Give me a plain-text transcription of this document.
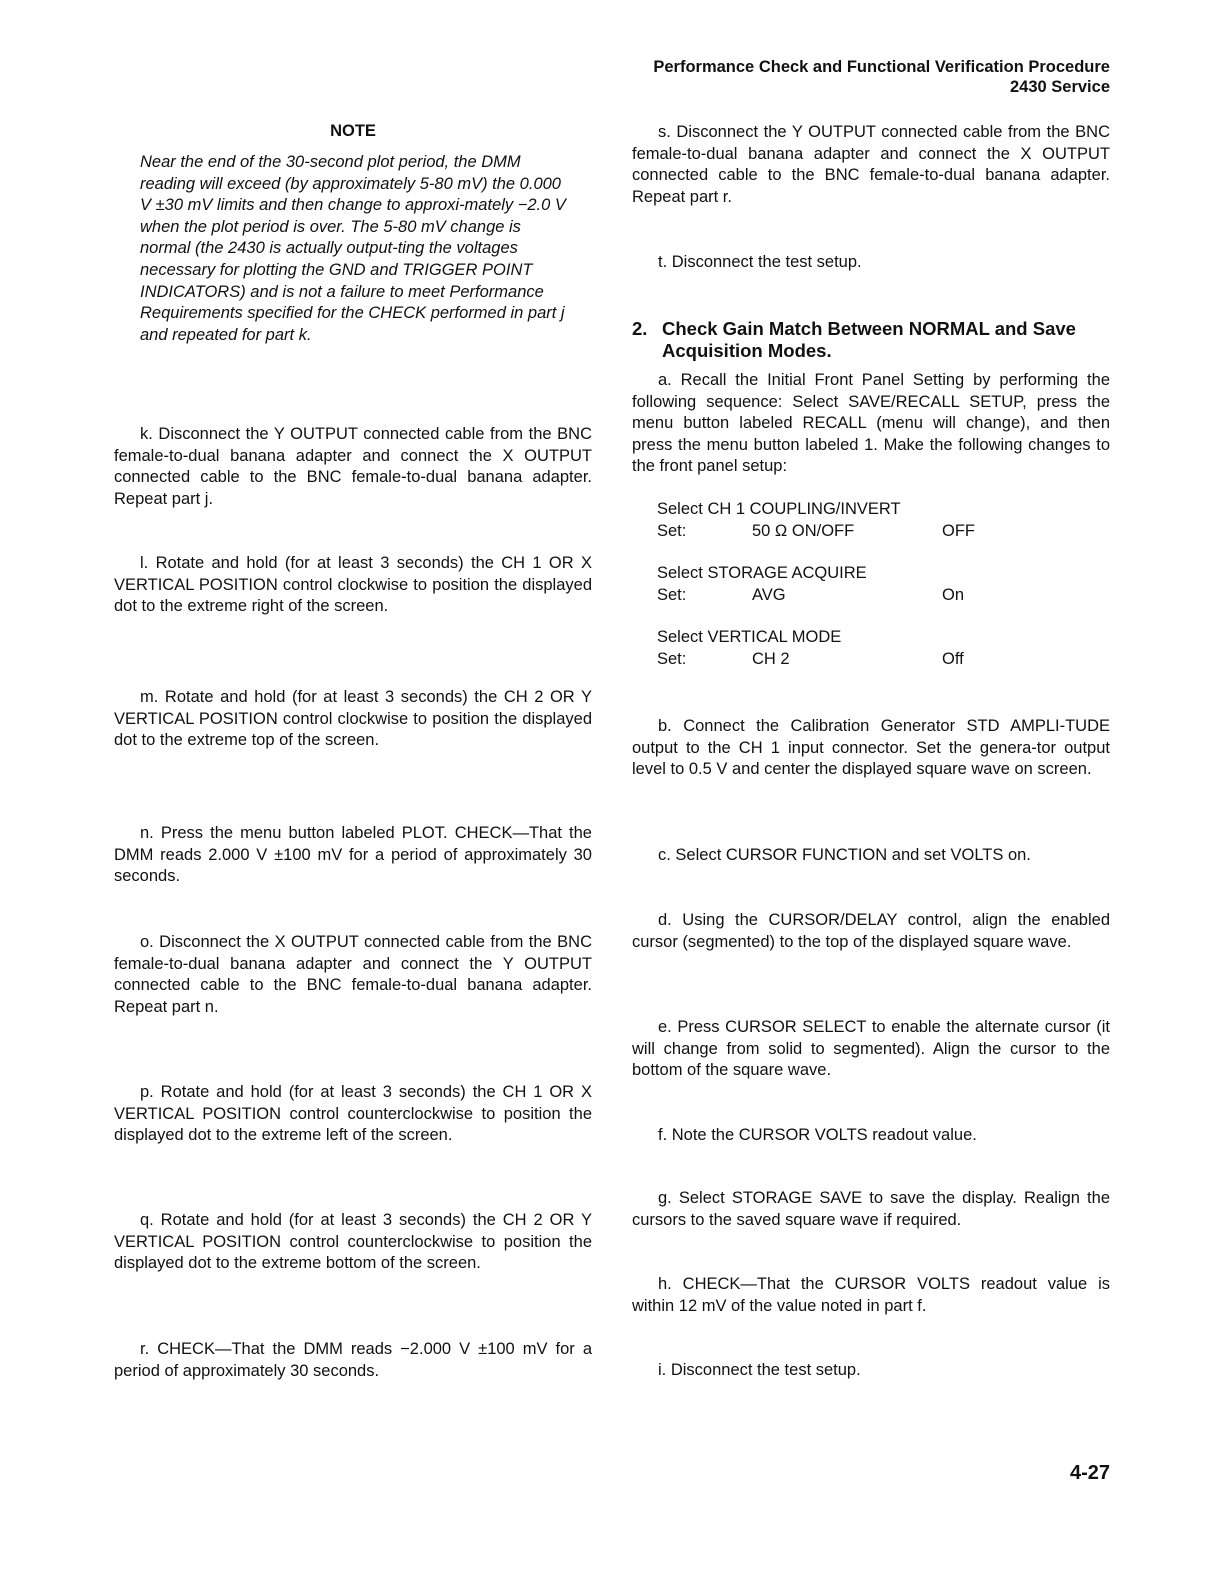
Performance Check and Functional Verification Procedure
2430 Service

NOTE

Near the end of the 30-second plot period, the DMM reading will exceed (by approximately 5-80 mV) the 0.000 V ±30 mV limits and then change to approxi-mately −2.0 V when the plot period is over. The 5-80 mV change is normal (the 2430 is actually output-ting the voltages necessary for plotting the GND and TRIGGER POINT INDICATORS) and is not a failure to meet Performance Requirements specified for the CHECK performed in part j and repeated for part k.

k. Disconnect the Y OUTPUT connected cable from the BNC female-to-dual banana adapter and connect the X OUTPUT connected cable to the BNC female-to-dual banana adapter. Repeat part j.

l. Rotate and hold (for at least 3 seconds) the CH 1 OR X VERTICAL POSITION control clockwise to position the displayed dot to the extreme right of the screen.

m. Rotate and hold (for at least 3 seconds) the CH 2 OR Y VERTICAL POSITION control clockwise to position the displayed dot to the extreme top of the screen.

n. Press the menu button labeled PLOT. CHECK—That the DMM reads 2.000 V ±100 mV for a period of approximately 30 seconds.

o. Disconnect the X OUTPUT connected cable from the BNC female-to-dual banana adapter and connect the Y OUTPUT connected cable to the BNC female-to-dual banana adapter. Repeat part n.

p. Rotate and hold (for at least 3 seconds) the CH 1 OR X VERTICAL POSITION control counterclockwise to position the displayed dot to the extreme left of the screen.

q. Rotate and hold (for at least 3 seconds) the CH 2 OR Y VERTICAL POSITION control counterclockwise to position the displayed dot to the extreme bottom of the screen.

r. CHECK—That the DMM reads −2.000 V ±100 mV for a period of approximately 30 seconds.

s. Disconnect the Y OUTPUT connected cable from the BNC female-to-dual banana adapter and connect the X OUTPUT connected cable to the BNC female-to-dual banana adapter. Repeat part r.

t. Disconnect the test setup.

2. Check Gain Match Between NORMAL and Save Acquisition Modes.

a. Recall the Initial Front Panel Setting by performing the following sequence: Select SAVE/RECALL SETUP, press the menu button labeled RECALL (menu will change), and then press the menu button labeled 1. Make the following changes to the front panel setup:

Select CH 1 COUPLING/INVERT
Set:	50 Ω ON/OFF	OFF
Select STORAGE ACQUIRE
Set:	AVG	On
Select VERTICAL MODE
Set:	CH 2	Off

b. Connect the Calibration Generator STD AMPLI-TUDE output to the CH 1 input connector. Set the genera-tor output level to 0.5 V and center the displayed square wave on screen.

c. Select CURSOR FUNCTION and set VOLTS on.

d. Using the CURSOR/DELAY control, align the enabled cursor (segmented) to the top of the displayed square wave.

e. Press CURSOR SELECT to enable the alternate cursor (it will change from solid to segmented). Align the cursor to the bottom of the square wave.

f. Note the CURSOR VOLTS readout value.

g. Select STORAGE SAVE to save the display. Realign the cursors to the saved square wave if required.

h. CHECK—That the CURSOR VOLTS readout value is within 12 mV of the value noted in part f.

i. Disconnect the test setup.

4-27
